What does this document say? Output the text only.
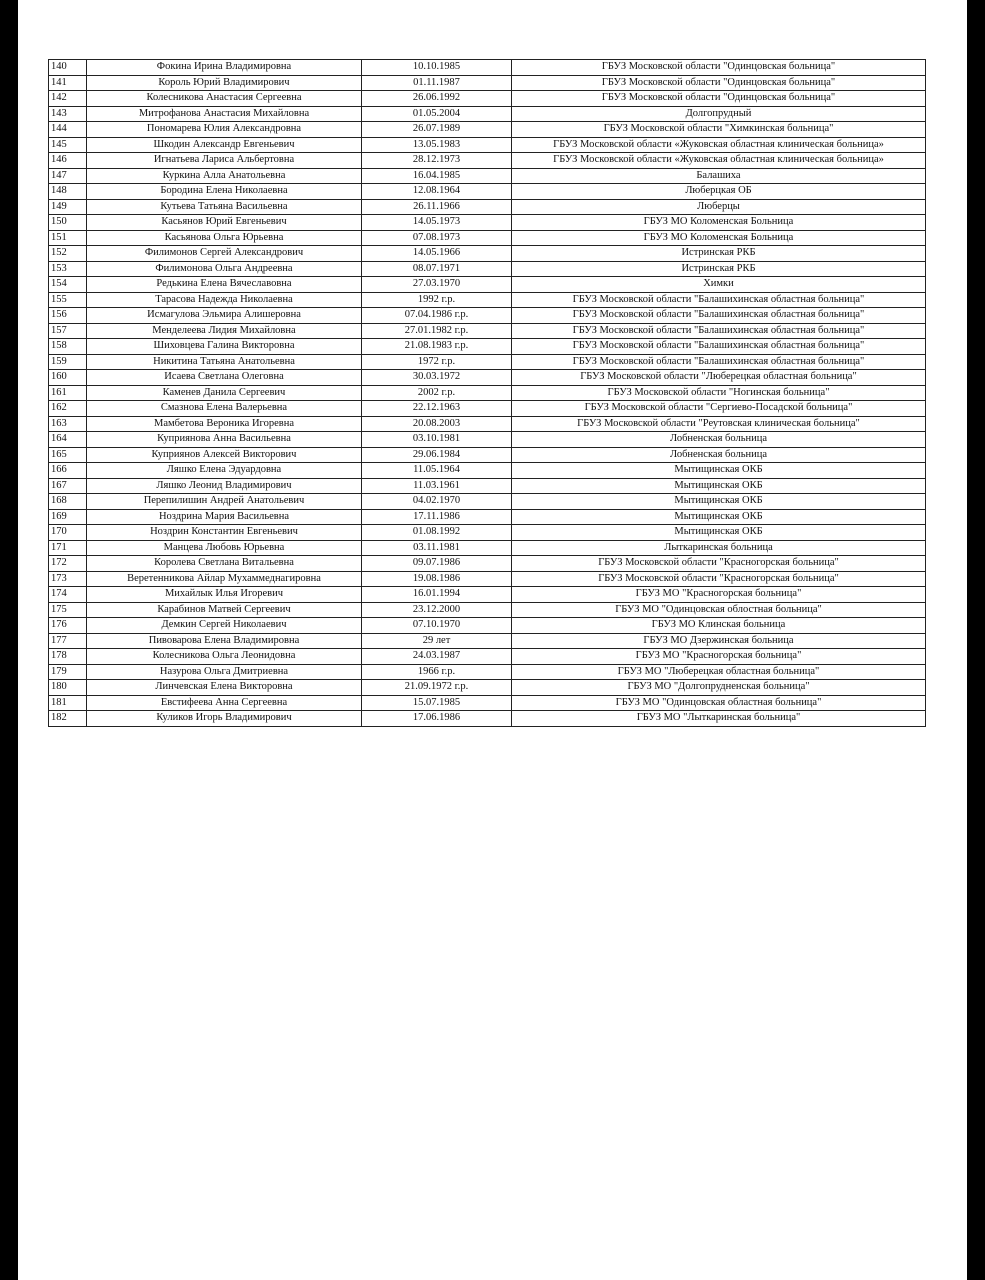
140	Фокина Ирина Владимировна	10.10.1985	ГБУЗ Московской области "Одинцовская больница"
141	Король Юрий Владимирович	01.11.1987	ГБУЗ Московской области "Одинцовская больница"
142	Колесникова Анастасия Сергеевна	26.06.1992	ГБУЗ Московской области "Одинцовская больница"
143	Митрофанова Анастасия Михайловна	01.05.2004	Долгопрудный
144	Пономарева Юлия Александровна	26.07.1989	ГБУЗ Московской области "Химкинская больница"
145	Шкодин Александр Евгеньевич	13.05.1983	ГБУЗ Московской области «Жуковская областная клиническая больница»
146	Игнатьева Лариса Альбертовна	28.12.1973	ГБУЗ Московской области «Жуковская областная клиническая больница»
147	Куркина Алла Анатольевна	16.04.1985	Балашиха
148	Бородина Елена Николаевна	12.08.1964	Люберцкая ОБ
149	Кутьева Татьяна Васильевна	26.11.1966	Люберцы
150	Касьянов Юрий Евгеньевич	14.05.1973	ГБУЗ МО Коломенская Больница
151	Касьянова Ольга Юрьевна	07.08.1973	ГБУЗ МО Коломенская Больница
152	Филимонов Сергей Александрович	14.05.1966	Истринская РКБ
153	Филимонова Ольга Андреевна	08.07.1971	Истринская РКБ
154	Редькина Елена Вячеславовна	27.03.1970	Химки
155	Тарасова Надежда Николаевна	1992 г.р.	ГБУЗ Московской области "Балашихинская областная больница"
156	Исмагулова Эльмира Алишеровна	07.04.1986 г.р.	ГБУЗ Московской области "Балашихинская областная больница"
157	Менделеева Лидия Михайловна	27.01.1982 г.р.	ГБУЗ Московской области "Балашихинская областная больница"
158	Шиховцева Галина Викторовна	21.08.1983 г.р.	ГБУЗ Московской области "Балашихинская областная больница"
159	Никитина Татьяна Анатольевна	1972 г.р.	ГБУЗ Московской области "Балашихинская областная больница"
160	Исаева Светлана Олеговна	30.03.1972	ГБУЗ Московской области "Люберецкая областная больница"
161	Каменев Данила Сергеевич	2002 г.р.	ГБУЗ Московской области "Ногинская больница"
162	Смазнова Елена Валерьевна	22.12.1963	ГБУЗ Московской области "Сергиево-Посадской больница"
163	Мамбетова Вероника Игоревна	20.08.2003	ГБУЗ Московской области "Реутовская клиническая больница"
164	Куприянова Анна Васильевна	03.10.1981	Лобненская больница
165	Куприянов Алексей Викторович	29.06.1984	Лобненская больница
166	Ляшко Елена Эдуардовна	11.05.1964	Мытищинская ОКБ
167	Ляшко Леонид Владимирович	11.03.1961	Мытищинская ОКБ
168	Перепилишин Андрей Анатольевич	04.02.1970	Мытищинская ОКБ
169	Ноздрина Мария Васильевна	17.11.1986	Мытищинская ОКБ
170	Ноздрин Константин Евгеньевич	01.08.1992	Мытищинская ОКБ
171	Манцева Любовь Юрьевна	03.11.1981	Лыткаринская больница
172	Королева Светлана Витальевна	09.07.1986	ГБУЗ Московской области "Красногорская больница"
173	Веретенникова Айлар Мухаммеднагировна	19.08.1986	ГБУЗ Московской области "Красногорская больница"
174	Михайлык Илья Игоревич	16.01.1994	ГБУЗ МО "Красногорская больница"
175	Карабинов Матвей Сергеевич	23.12.2000	ГБУЗ МО "Одинцовская облостная больница"
176	Демкин Сергей Николаевич	07.10.1970	ГБУЗ МО Клинская больница
177	Пивоварова Елена Владимировна	29 лет	ГБУЗ МО Дзержинская больница
178	Колесникова Ольга Леонидовна	24.03.1987	ГБУЗ МО "Красногорская больница"
179	Назурова Ольга Дмитриевна	1966 г.р.	ГБУЗ МО "Люберецкая областная больница"
180	Линчевская Елена Викторовна	21.09.1972 г.р.	ГБУЗ МО "Долгопрудненская больница"
181	Евстифеева Анна Сергеевна	15.07.1985	ГБУЗ МО "Одинцовская областная больница"
182	Куликов Игорь Владимирович	17.06.1986	ГБУЗ МО "Лыткаринская больница"
